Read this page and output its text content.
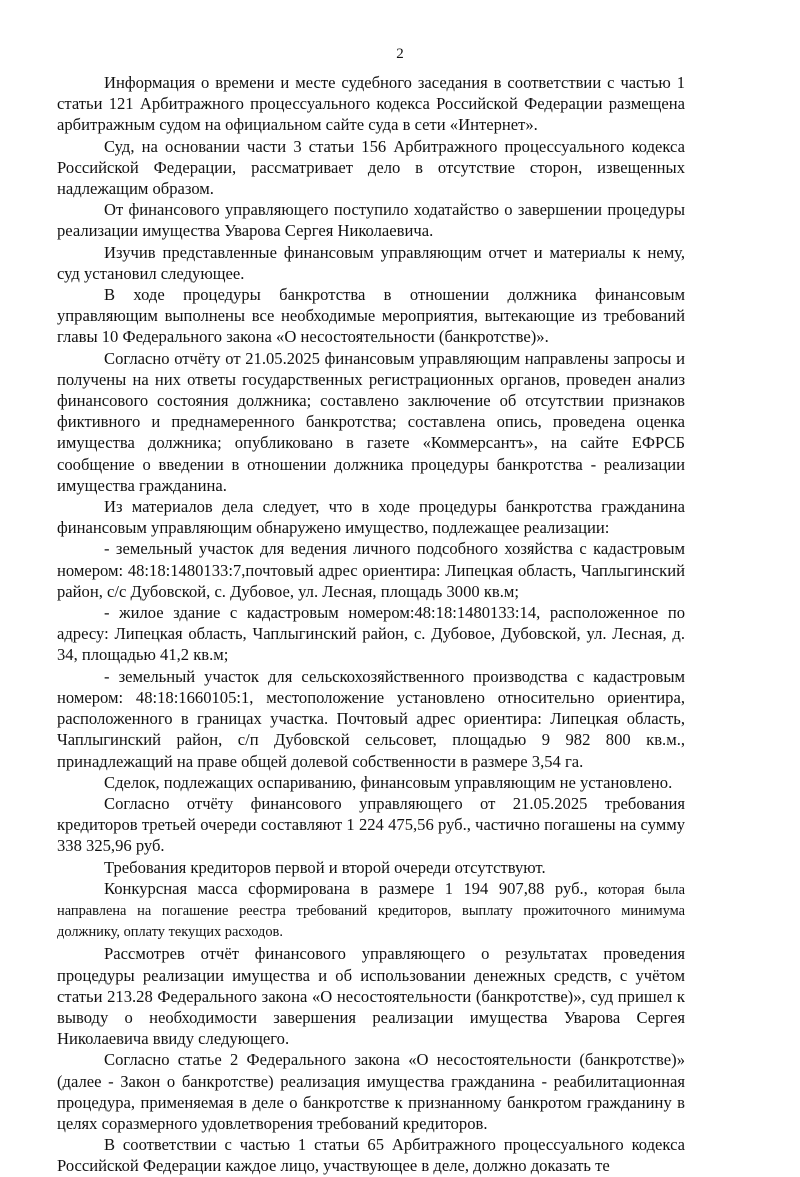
2

Информация о времени и месте судебного заседания в соответствии с частью 1 статьи 121 Арбитражного процессуального кодекса Российской Федерации размещена арбитражным судом на официальном сайте суда в сети «Интернет».

Суд, на основании части 3 статьи 156 Арбитражного процессуального кодекса Российской Федерации, рассматривает дело в отсутствие сторон, извещенных надлежащим образом.

От финансового управляющего поступило ходатайство о завершении процедуры реализации имущества Уварова Сергея Николаевича.

Изучив представленные финансовым управляющим отчет и материалы к нему, суд установил следующее.

В ходе процедуры банкротства в отношении должника финансовым управляющим выполнены все необходимые мероприятия, вытекающие из требований главы 10 Федерального закона «О несостоятельности (банкротстве)».

Согласно отчёту от 21.05.2025 финансовым управляющим направлены запросы и получены на них ответы государственных регистрационных органов, проведен анализ финансового состояния должника; составлено заключение об отсутствии признаков фиктивного и преднамеренного банкротства; составлена опись, проведена оценка имущества должника; опубликовано в газете «Коммерсантъ», на сайте ЕФРСБ сообщение о введении в отношении должника процедуры банкротства - реализации имущества гражданина.

Из материалов дела следует, что в ходе процедуры банкротства гражданина финансовым управляющим обнаружено имущество, подлежащее реализации:

- земельный участок для ведения личного подсобного хозяйства с кадастровым номером: 48:18:1480133:7,почтовый адрес ориентира: Липецкая область, Чаплыгинский район, с/с Дубовской, с. Дубовое, ул. Лесная, площадь 3000 кв.м;

- жилое здание с кадастровым номером:48:18:1480133:14, расположенное по адресу: Липецкая область, Чаплыгинский район, с. Дубовое, Дубовской, ул. Лесная, д. 34, площадью 41,2 кв.м;

- земельный участок для сельскохозяйственного производства с кадастровым номером: 48:18:1660105:1, местоположение установлено относительно ориентира, расположенного в границах участка. Почтовый адрес ориентира: Липецкая область, Чаплыгинский район, с/п Дубовской сельсовет, площадью 9 982 800 кв.м., принадлежащий на праве общей долевой собственности в размере 3,54 га.

Сделок, подлежащих оспариванию, финансовым управляющим не установлено.

Согласно отчёту финансового управляющего от 21.05.2025 требования кредиторов третьей очереди составляют 1 224 475,56 руб., частично погашены на сумму 338 325,96 руб.

Требования кредиторов первой и второй очереди отсутствуют.

Конкурсная масса сформирована в размере 1 194 907,88 руб., которая была направлена на погашение реестра требований кредиторов, выплату прожиточного минимума должнику, оплату текущих расходов.

Рассмотрев отчёт финансового управляющего о результатах проведения процедуры реализации имущества и об использовании денежных средств, с учётом статьи 213.28 Федерального закона «О несостоятельности (банкротстве)», суд пришел к выводу о необходимости завершения реализации имущества Уварова Сергея Николаевича ввиду следующего.

Согласно статье 2 Федерального закона «О несостоятельности (банкротстве)» (далее - Закон о банкротстве) реализация имущества гражданина - реабилитационная процедура, применяемая в деле о банкротстве к признанному банкротом гражданину в целях соразмерного удовлетворения требований кредиторов.

В соответствии с частью 1 статьи 65 Арбитражного процессуального кодекса Российской Федерации каждое лицо, участвующее в деле, должно доказать те
